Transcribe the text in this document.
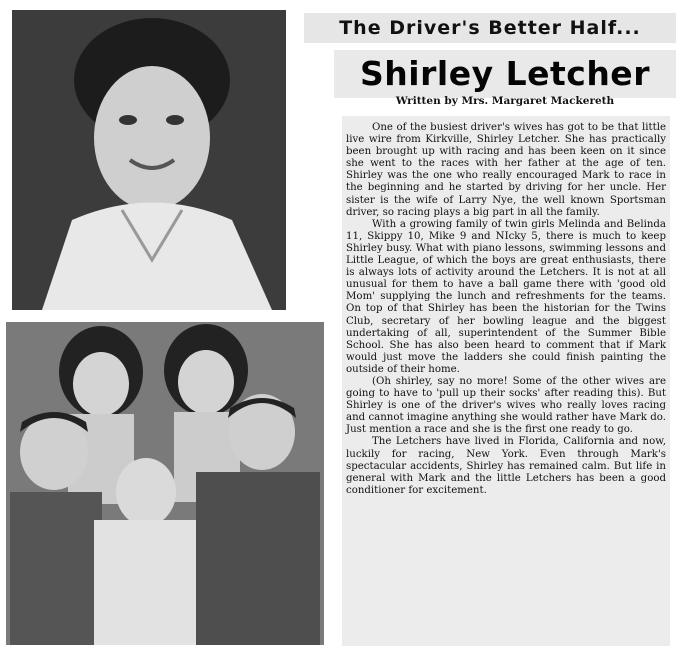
The Driver's Better Half...
Shirley Letcher
Written by Mrs. Margaret Mackereth

One of the busiest driver's wives has got to be that little live wire from Kirkville, Shirley Letcher. She has practically been brought up with racing and has been keen on it since she went to the races with her father at the age of ten. Shirley was the one who really encouraged Mark to race in the beginning and he started by driving for her uncle. Her sister is the wife of Larry Nye, the well known Sportsman driver, so racing plays a big part in all the family.

With a growing family of twin girls Melinda and Belinda 11, Skippy 10, Mike 9 and NIcky 5, there is much to keep Shirley busy. What with piano lessons, swimming lessons and Little League, of which the boys are great enthusiasts, there is always lots of activity around the Letchers. It is not at all unusual for them to have a ball game there with 'good old Mom' supplying the lunch and refreshments for the teams. On top of that Shirley has been the historian for the Twins Club, secretary of her bowling league and the biggest undertaking of all, superintendent of the Summer Bible School. She has also been heard to comment that if Mark would just move the ladders she could finish painting the outside of their home.

(Oh shirley, say no more! Some of the other wives are going to have to 'pull up their socks' after reading this). But Shirley is one of the driver's wives who really loves racing and cannot imagine anything she would rather have Mark do. Just mention a race and she is the first one ready to go.

The Letchers have lived in Florida, California and now, luckily for racing, New York. Even through Mark's spectacular accidents, Shirley has remained calm. But life in general with Mark and the little Letchers has been a good conditioner for excitement.
